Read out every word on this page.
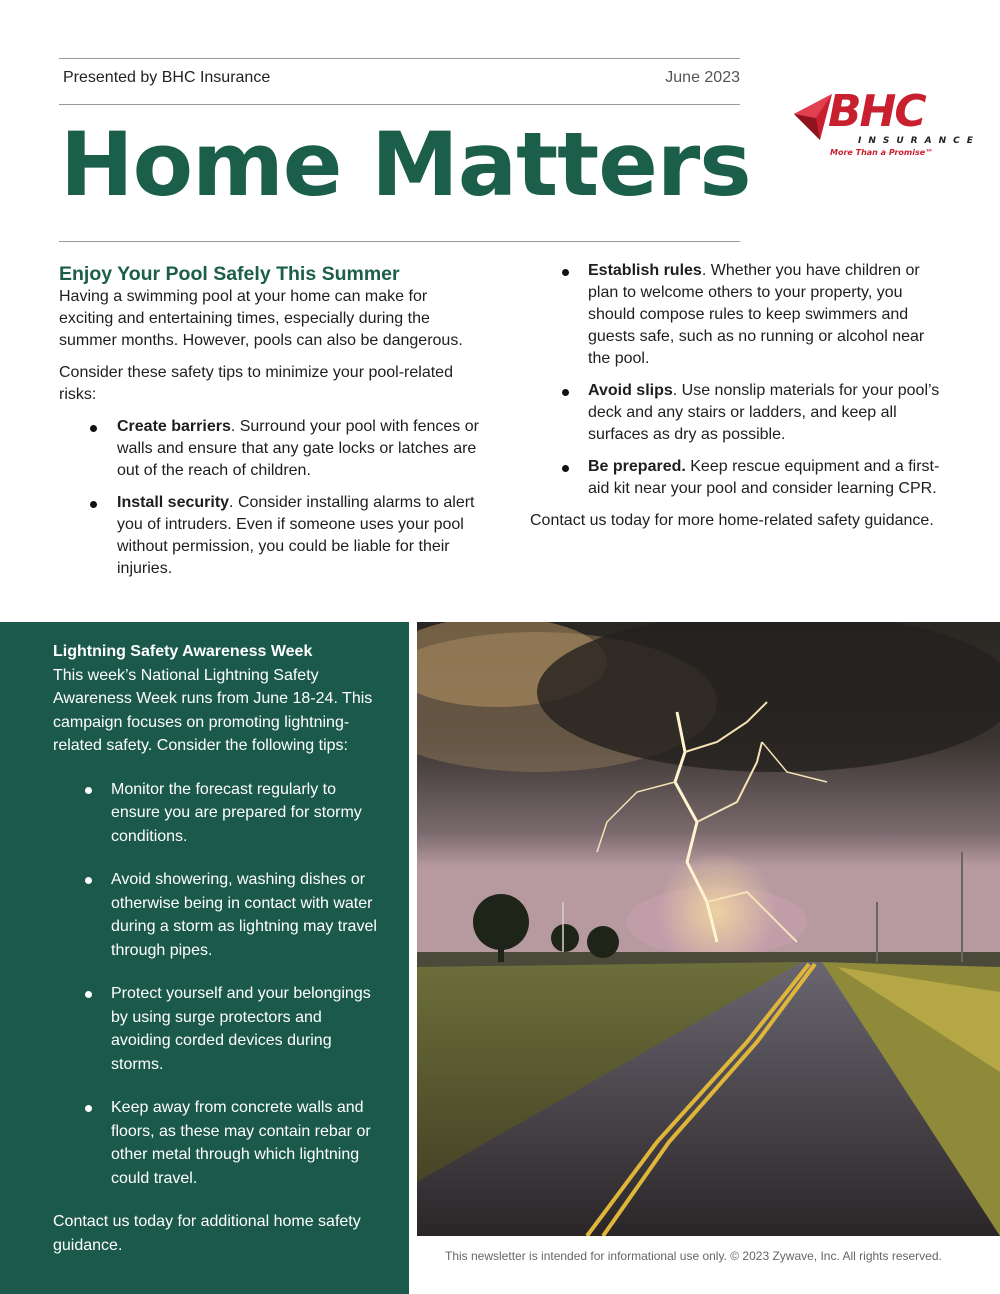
Presented by BHC Insurance	June 2023
Home Matters
BHC
INSURANCE
More Than a Promise™
Enjoy Your Pool Safely This Summer

Having a swimming pool at your home can make for exciting and entertaining times, especially during the summer months. However, pools can also be dangerous.

Consider these safety tips to minimize your pool-related risks:

Create barriers. Surround your pool with fences or walls and ensure that any gate locks or latches are out of the reach of children.
Install security. Consider installing alarms to alert you of intruders. Even if someone uses your pool without permission, you could be liable for their injuries.
Establish rules. Whether you have children or plan to welcome others to your property, you should compose rules to keep swimmers and guests safe, such as no running or alcohol near the pool.
Avoid slips. Use nonslip materials for your pool’s deck and any stairs or ladders, and keep all surfaces as dry as possible.
Be prepared. Keep rescue equipment and a first-aid kit near your pool and consider learning CPR.

Contact us today for more home-related safety guidance.

Lightning Safety Awareness Week

This week’s National Lightning Safety Awareness Week runs from June 18-24. This campaign focuses on promoting lightning-related safety. Consider the following tips:

Monitor the forecast regularly to ensure you are prepared for stormy conditions.
Avoid showering, washing dishes or otherwise being in contact with water during a storm as lightning may travel through pipes.
Protect yourself and your belongings by using surge protectors and avoiding corded devices during storms.
Keep away from concrete walls and floors, as these may contain rebar or other metal through which lightning could travel.

Contact us today for additional home safety guidance.

This newsletter is intended for informational use only. © 2023 Zywave, Inc. All rights reserved.
